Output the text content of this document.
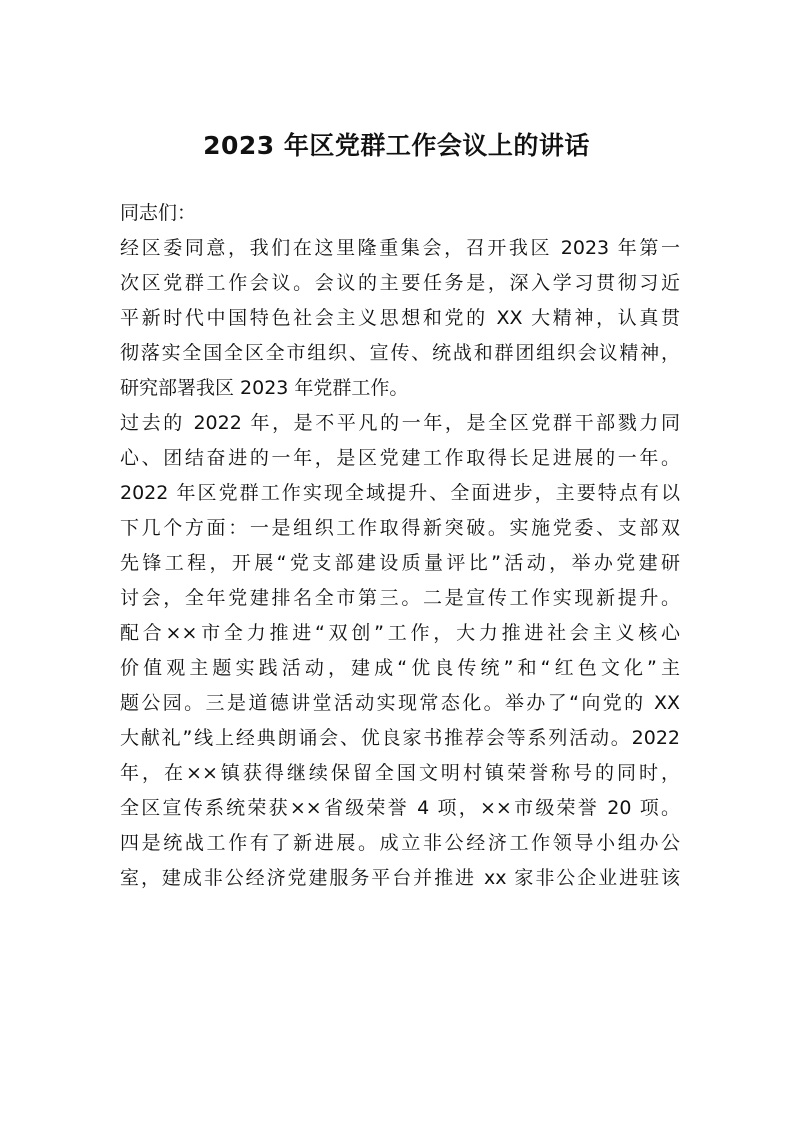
2023 年区党群工作会议上的讲话
同志们：
经区委同意，我们在这里隆重集会，召开我区 2023 年第一
次区党群工作会议。会议的主要任务是，深入学习贯彻习近
平新时代中国特色社会主义思想和党的 XX 大精神，认真贯
彻落实全国全区全市组织、宣传、统战和群团组织会议精神，
研究部署我区 2023 年党群工作。
过去的 2022 年，是不平凡的一年，是全区党群干部戮力同
心、团结奋进的一年，是区党建工作取得长足进展的一年。
2022 年区党群工作实现全域提升、全面进步，主要特点有以
下几个方面：一是组织工作取得新突破。实施党委、支部双
先锋工程，开展“党支部建设质量评比”活动，举办党建研
讨会，全年党建排名全市第三。二是宣传工作实现新提升。
配合××市全力推进“双创”工作，大力推进社会主义核心
价值观主题实践活动，建成“优良传统”和“红色文化”主
题公园。三是道德讲堂活动实现常态化。举办了“向党的 XX
大献礼”线上经典朗诵会、优良家书推荐会等系列活动。2022
年，在××镇获得继续保留全国文明村镇荣誉称号的同时，
全区宣传系统荣获××省级荣誉 4 项，××市级荣誉 20 项。
四是统战工作有了新进展。成立非公经济工作领导小组办公
室，建成非公经济党建服务平台并推进 xx 家非公企业进驻该
